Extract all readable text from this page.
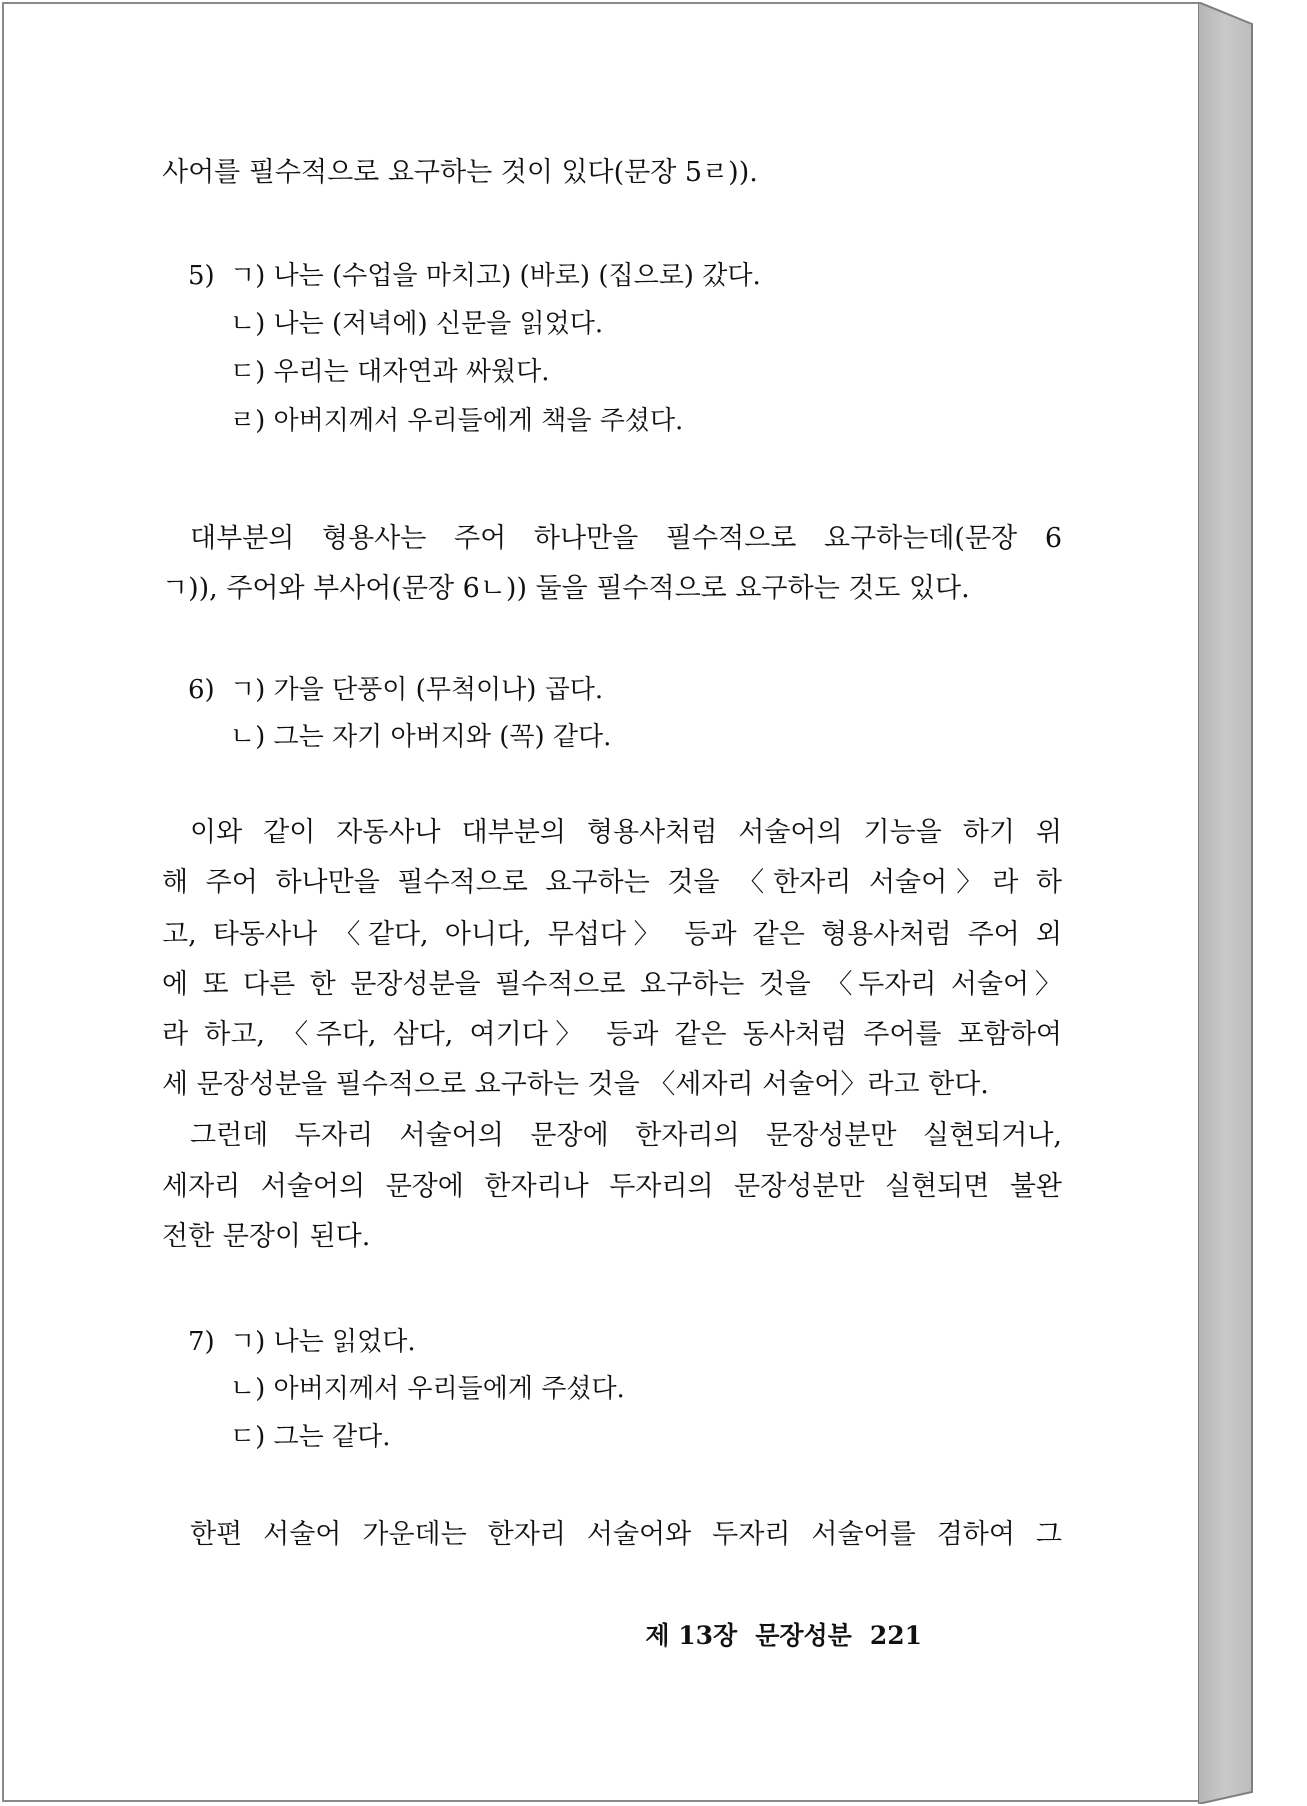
사어를 필수적으로 요구하는 것이 있다(문장 5ㄹ)).
5) ㄱ) 나는 (수업을 마치고) (바로) (집으로) 갔다.
ㄴ) 나는 (저녁에) 신문을 읽었다.
ㄷ) 우리는 대자연과 싸웠다.
ㄹ) 아버지께서 우리들에게 책을 주셨다.
대부분의 형용사는 주어 하나만을 필수적으로 요구하는데(문장 6
ㄱ)), 주어와 부사어(문장 6ㄴ)) 둘을 필수적으로 요구하는 것도 있다.
6) ㄱ) 가을 단풍이 (무척이나) 곱다.
ㄴ) 그는 자기 아버지와 (꼭) 같다.
이와 같이 자동사나 대부분의 형용사처럼 서술어의 기능을 하기 위
해 주어 하나만을 필수적으로 요구하는 것을 〈한자리 서술어〉라 하
고, 타동사나 〈같다, 아니다, 무섭다〉 등과 같은 형용사처럼 주어 외
에 또 다른 한 문장성분을 필수적으로 요구하는 것을 〈두자리 서술어〉
라 하고, 〈주다, 삼다, 여기다〉 등과 같은 동사처럼 주어를 포함하여
세 문장성분을 필수적으로 요구하는 것을 〈세자리 서술어〉라고 한다.
그런데 두자리 서술어의 문장에 한자리의 문장성분만 실현되거나,
세자리 서술어의 문장에 한자리나 두자리의 문장성분만 실현되면 불완
전한 문장이 된다.
7) ㄱ) 나는 읽었다.
ㄴ) 아버지께서 우리들에게 주셨다.
ㄷ) 그는 같다.
한편 서술어 가운데는 한자리 서술어와 두자리 서술어를 겸하여 그
제 13장 문장성분 221
